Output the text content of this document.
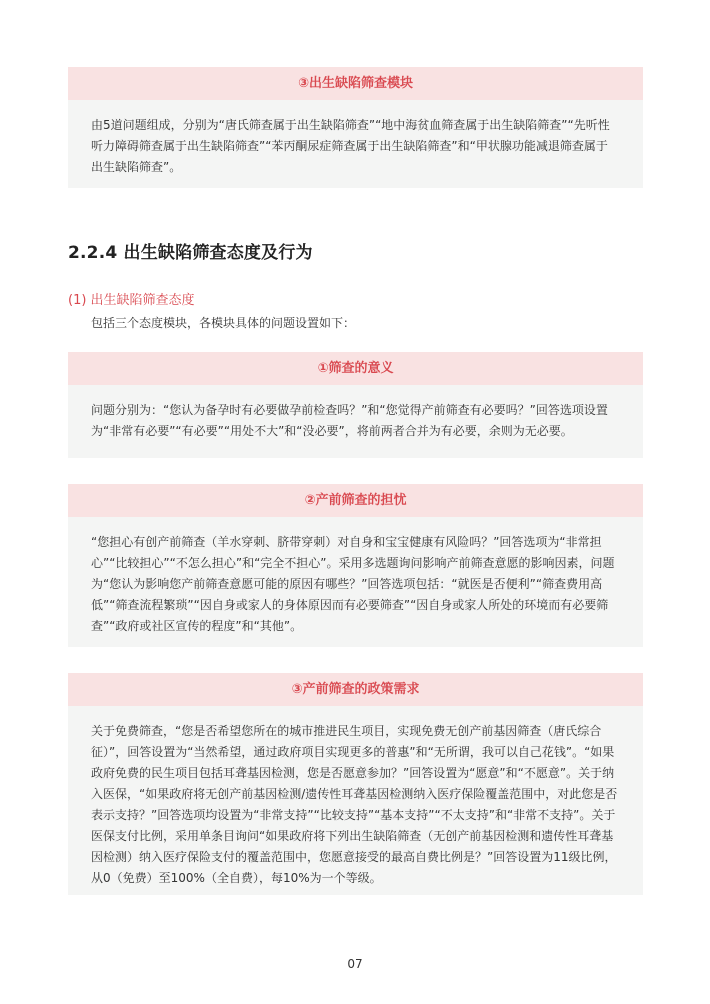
③出生缺陷筛查模块
由5道问题组成，分别为“唐氏筛查属于出生缺陷筛查”“地中海贫血筛查属于出生缺陷筛查”“先听性听力障碍筛查属于出生缺陷筛查”“苯丙酮尿症筛查属于出生缺陷筛查”和“甲状腺功能减退筛查属于出生缺陷筛查”。
2.2.4 出生缺陷筛查态度及行为
(1) 出生缺陷筛查态度
包括三个态度模块，各模块具体的问题设置如下：
①筛查的意义
问题分别为：“您认为备孕时有必要做孕前检查吗？”和“您觉得产前筛查有必要吗？”回答选项设置为“非常有必要”“有必要”“用处不大”和“没必要”，将前两者合并为有必要，余则为无必要。
②产前筛查的担忧
“您担心有创产前筛查（羊水穿刺、脐带穿刺）对自身和宝宝健康有风险吗？”回答选项为“非常担心”“比较担心”“不怎么担心”和“完全不担心”。采用多选题询问影响产前筛查意愿的影响因素，问题为“您认为影响您产前筛查意愿可能的原因有哪些？”回答选项包括：“就医是否便利”“筛查费用高低”“筛查流程繁琐”“因自身或家人的身体原因而有必要筛查”“因自身或家人所处的环境而有必要筛查”“政府或社区宣传的程度”和“其他”。
③产前筛查的政策需求
关于免费筛查，“您是否希望您所在的城市推进民生项目，实现免费无创产前基因筛查（唐氏综合征）”，回答设置为“当然希望，通过政府项目实现更多的普惠”和“无所谓，我可以自己花钱”。“如果政府免费的民生项目包括耳聋基因检测，您是否愿意参加？”回答设置为“愿意”和“不愿意”。关于纳入医保，“如果政府将无创产前基因检测/遗传性耳聋基因检测纳入医疗保险覆盖范围中，对此您是否表示支持？”回答选项均设置为“非常支持”“比较支持”“基本支持”“不太支持”和“非常不支持”。关于医保支付比例，采用单条目询问“如果政府将下列出生缺陷筛查（无创产前基因检测和遗传性耳聋基因检测）纳入医疗保险支付的覆盖范围中，您愿意接受的最高自费比例是？”回答设置为11级比例，从0（免费）至100%（全自费），每10%为一个等级。
07
